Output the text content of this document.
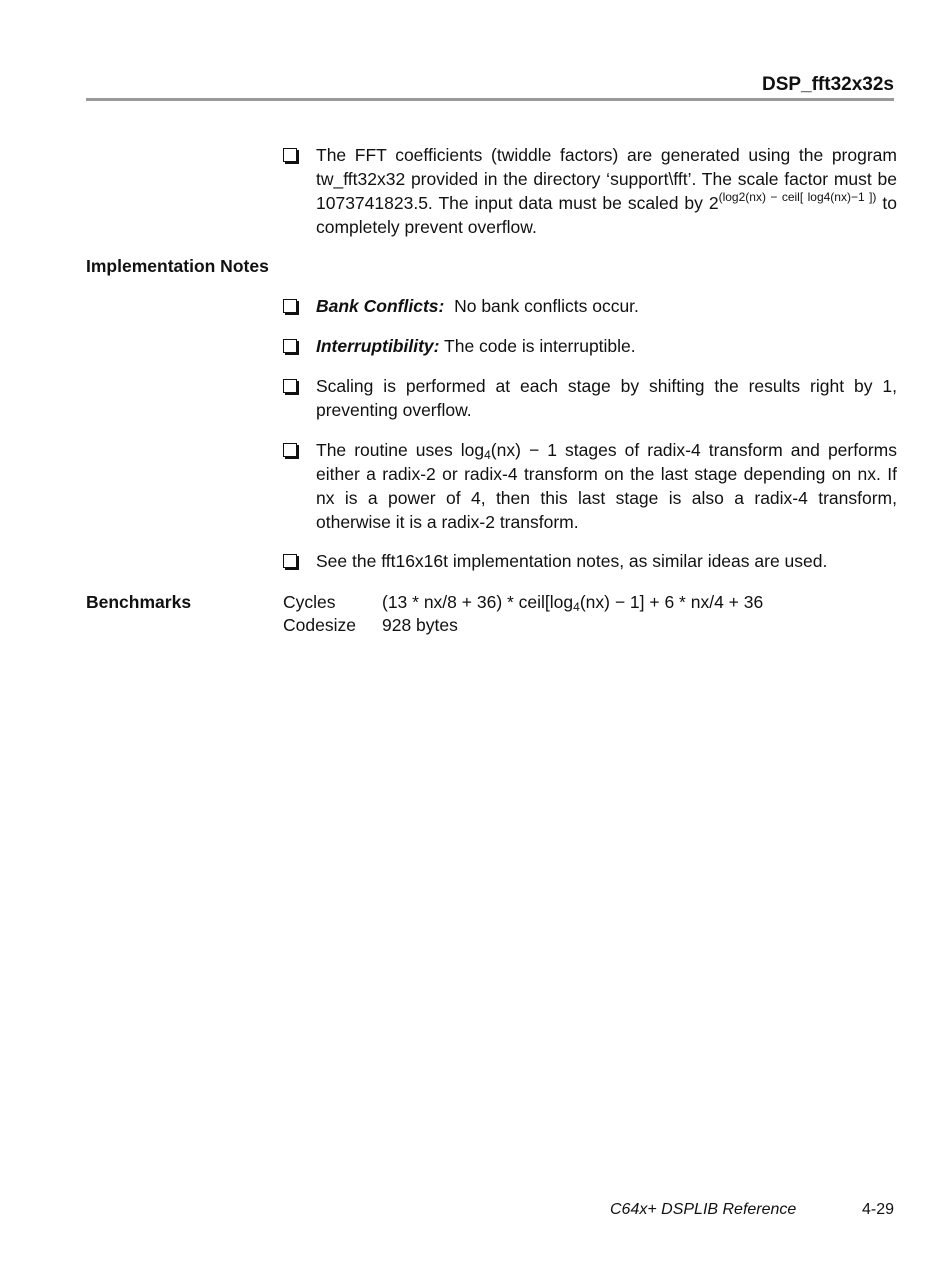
DSP_fft32x32s
The FFT coefficients (twiddle factors) are generated using the program tw_fft32x32 provided in the directory ‘support\fft’. The scale factor must be 1073741823.5. The input data must be scaled by $2^{(log2(nx) - ceil[ log4(nx)-1 ])}$ to completely prevent overflow.
Implementation Notes
Bank Conflicts: No bank conflicts occur.
Interruptibility: The code is interruptible.
Scaling is performed at each stage by shifting the results right by 1, preventing overflow.
The routine uses $\log_4(nx) - 1$ stages of radix-4 transform and performs either a radix-2 or radix-4 transform on the last stage depending on nx. If nx is a power of 4, then this last stage is also a radix-4 transform, otherwise it is a radix-2 transform.
See the fft16x16t implementation notes, as similar ideas are used.
Benchmarks	Cycles	$(13 * nx/8 + 36) * ceil[\log_4(nx) - 1] + 6 * nx/4 + 36$
Codesize 928 bytes
C64x+ DSPLIB Reference	4-29
